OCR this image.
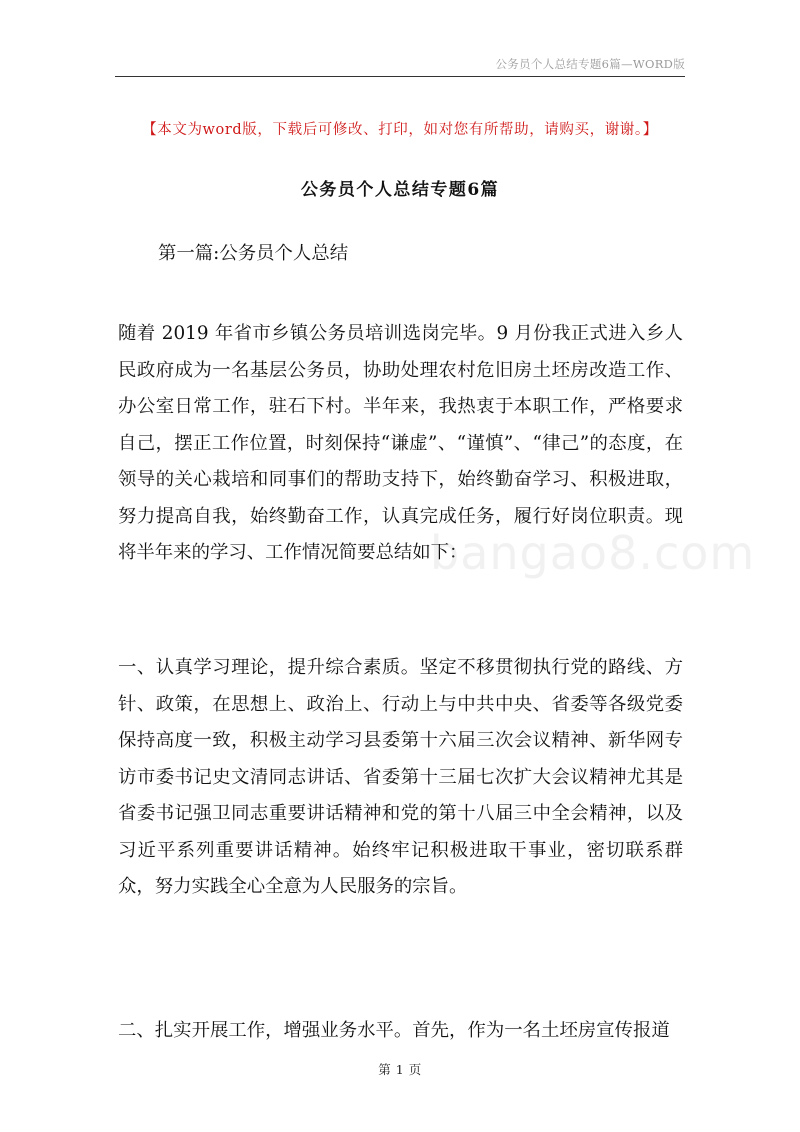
公务员个人总结专题6篇—WORD版
【本文为word版，下载后可修改、打印，如对您有所帮助，请购买，谢谢。】
公务员个人总结专题6篇

第一篇:公务员个人总结

随着 2019 年省市乡镇公务员培训选岗完毕。9 月份我正式进入乡人民政府成为一名基层公务员，协助处理农村危旧房土坯房改造工作、办公室日常工作，驻石下村。半年来，我热衷于本职工作，严格要求自己，摆正工作位置，时刻保持“谦虚”、“谨慎”、“律己”的态度，在领导的关心栽培和同事们的帮助支持下，始终勤奋学习、积极进取，努力提高自我，始终勤奋工作，认真完成任务，履行好岗位职责。现将半年来的学习、工作情况简要总结如下：

一、认真学习理论，提升综合素质。坚定不移贯彻执行党的路线、方针、政策，在思想上、政治上、行动上与中共中央、省委等各级党委保持高度一致，积极主动学习县委第十六届三次会议精神、新华网专访市委书记史文清同志讲话、省委第十三届七次扩大会议精神尤其是省委书记强卫同志重要讲话精神和党的第十八届三中全会精神，以及习近平系列重要讲话精神。始终牢记积极进取干事业，密切联系群众，努力实践全心全意为人民服务的宗旨。

二、扎实开展工作，增强业务水平。首先，作为一名土坯房宣传报道

bangao8.com
第 1 页
